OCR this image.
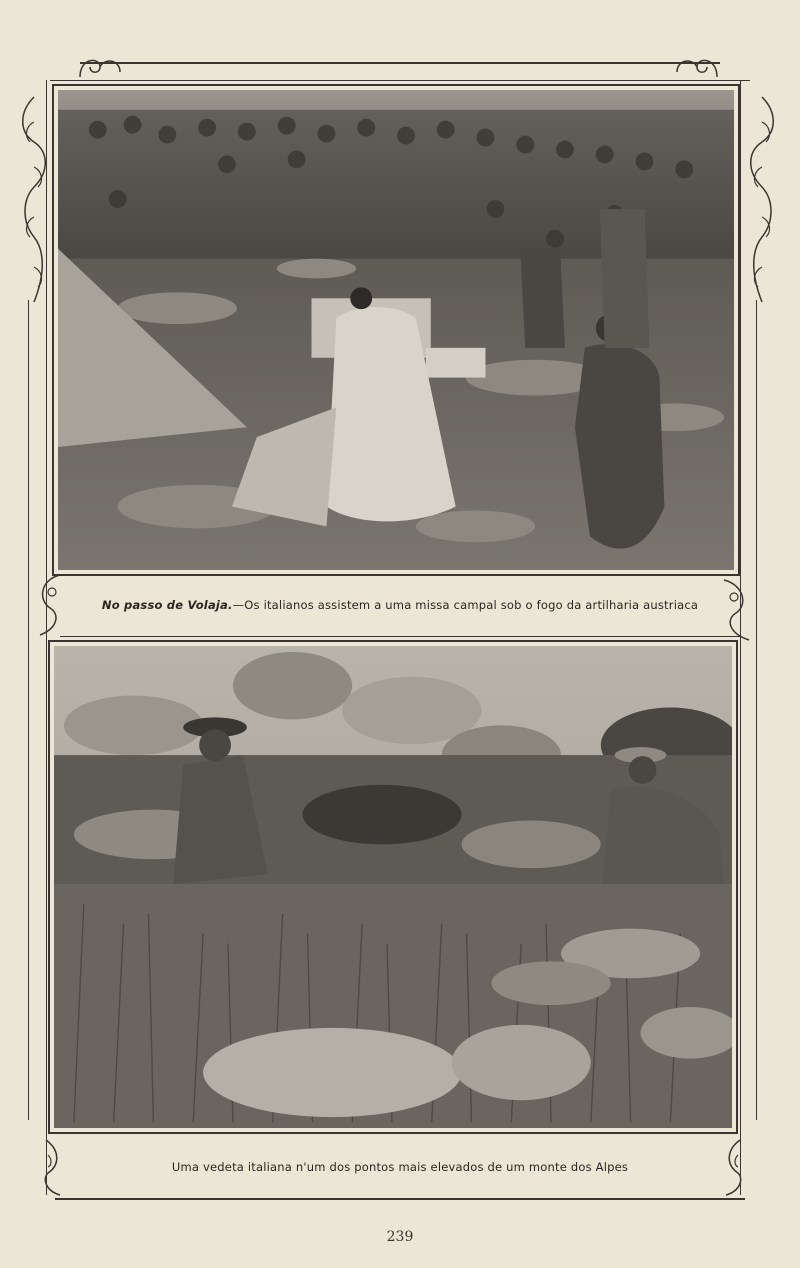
No passo de Volaja.—Os italianos assistem a uma missa campal sob o fogo da artilharia austriaca
Uma vedeta italiana n'um dos pontos mais elevados de um monte dos Alpes
239
